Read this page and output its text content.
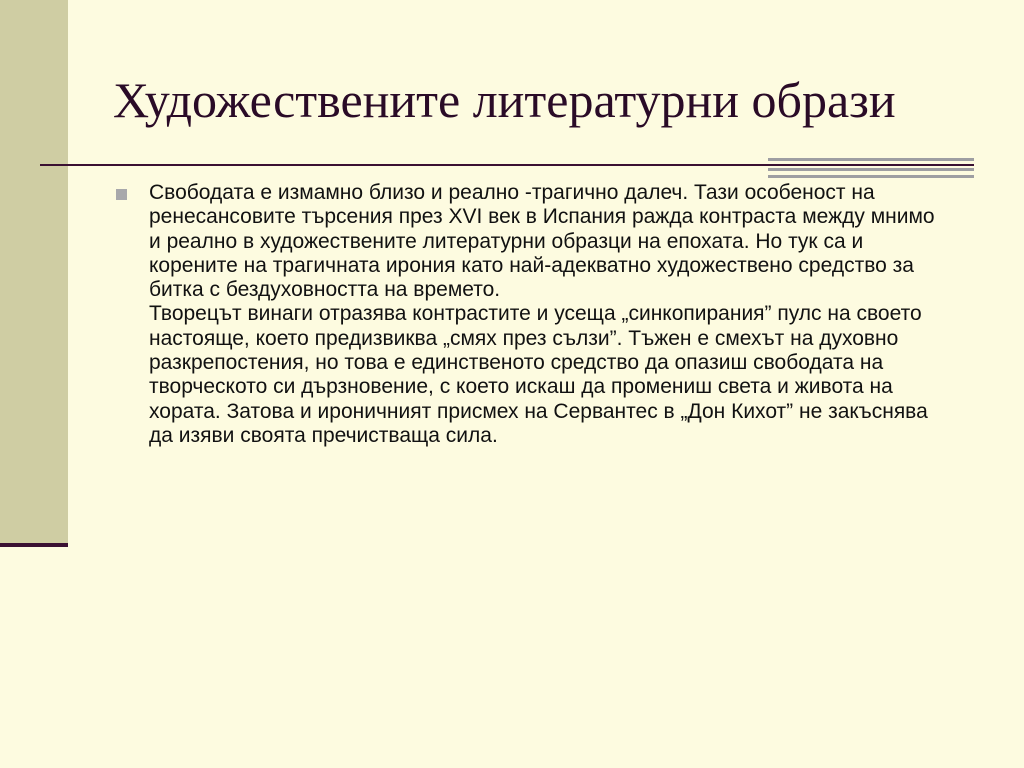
Художествените литературни образи

Свободата е измамно близо и реално -трагично далеч. Тази особеност на ренесансовите търсения през XVI век в Испания ражда контраста между мнимо и реално в художествените литературни образци на епохата. Но тук са и корените на трагичната ирония като най-адекватно художествено средство за битка с бездуховността на времето.

Творецът винаги отразява контрастите и усеща „синкопирания” пулс на своето настояще, което предизвиква „смях през сълзи”. Тъжен е смехът на духовно разкрепостения, но това е единственото средство да опазиш свободата на творческото си дързновение, с което искаш да промениш света и живота на хората. Затова и ироничният присмех на Сервантес в „Дон Кихот” не закъснява да изяви своята пречистваща сила.
